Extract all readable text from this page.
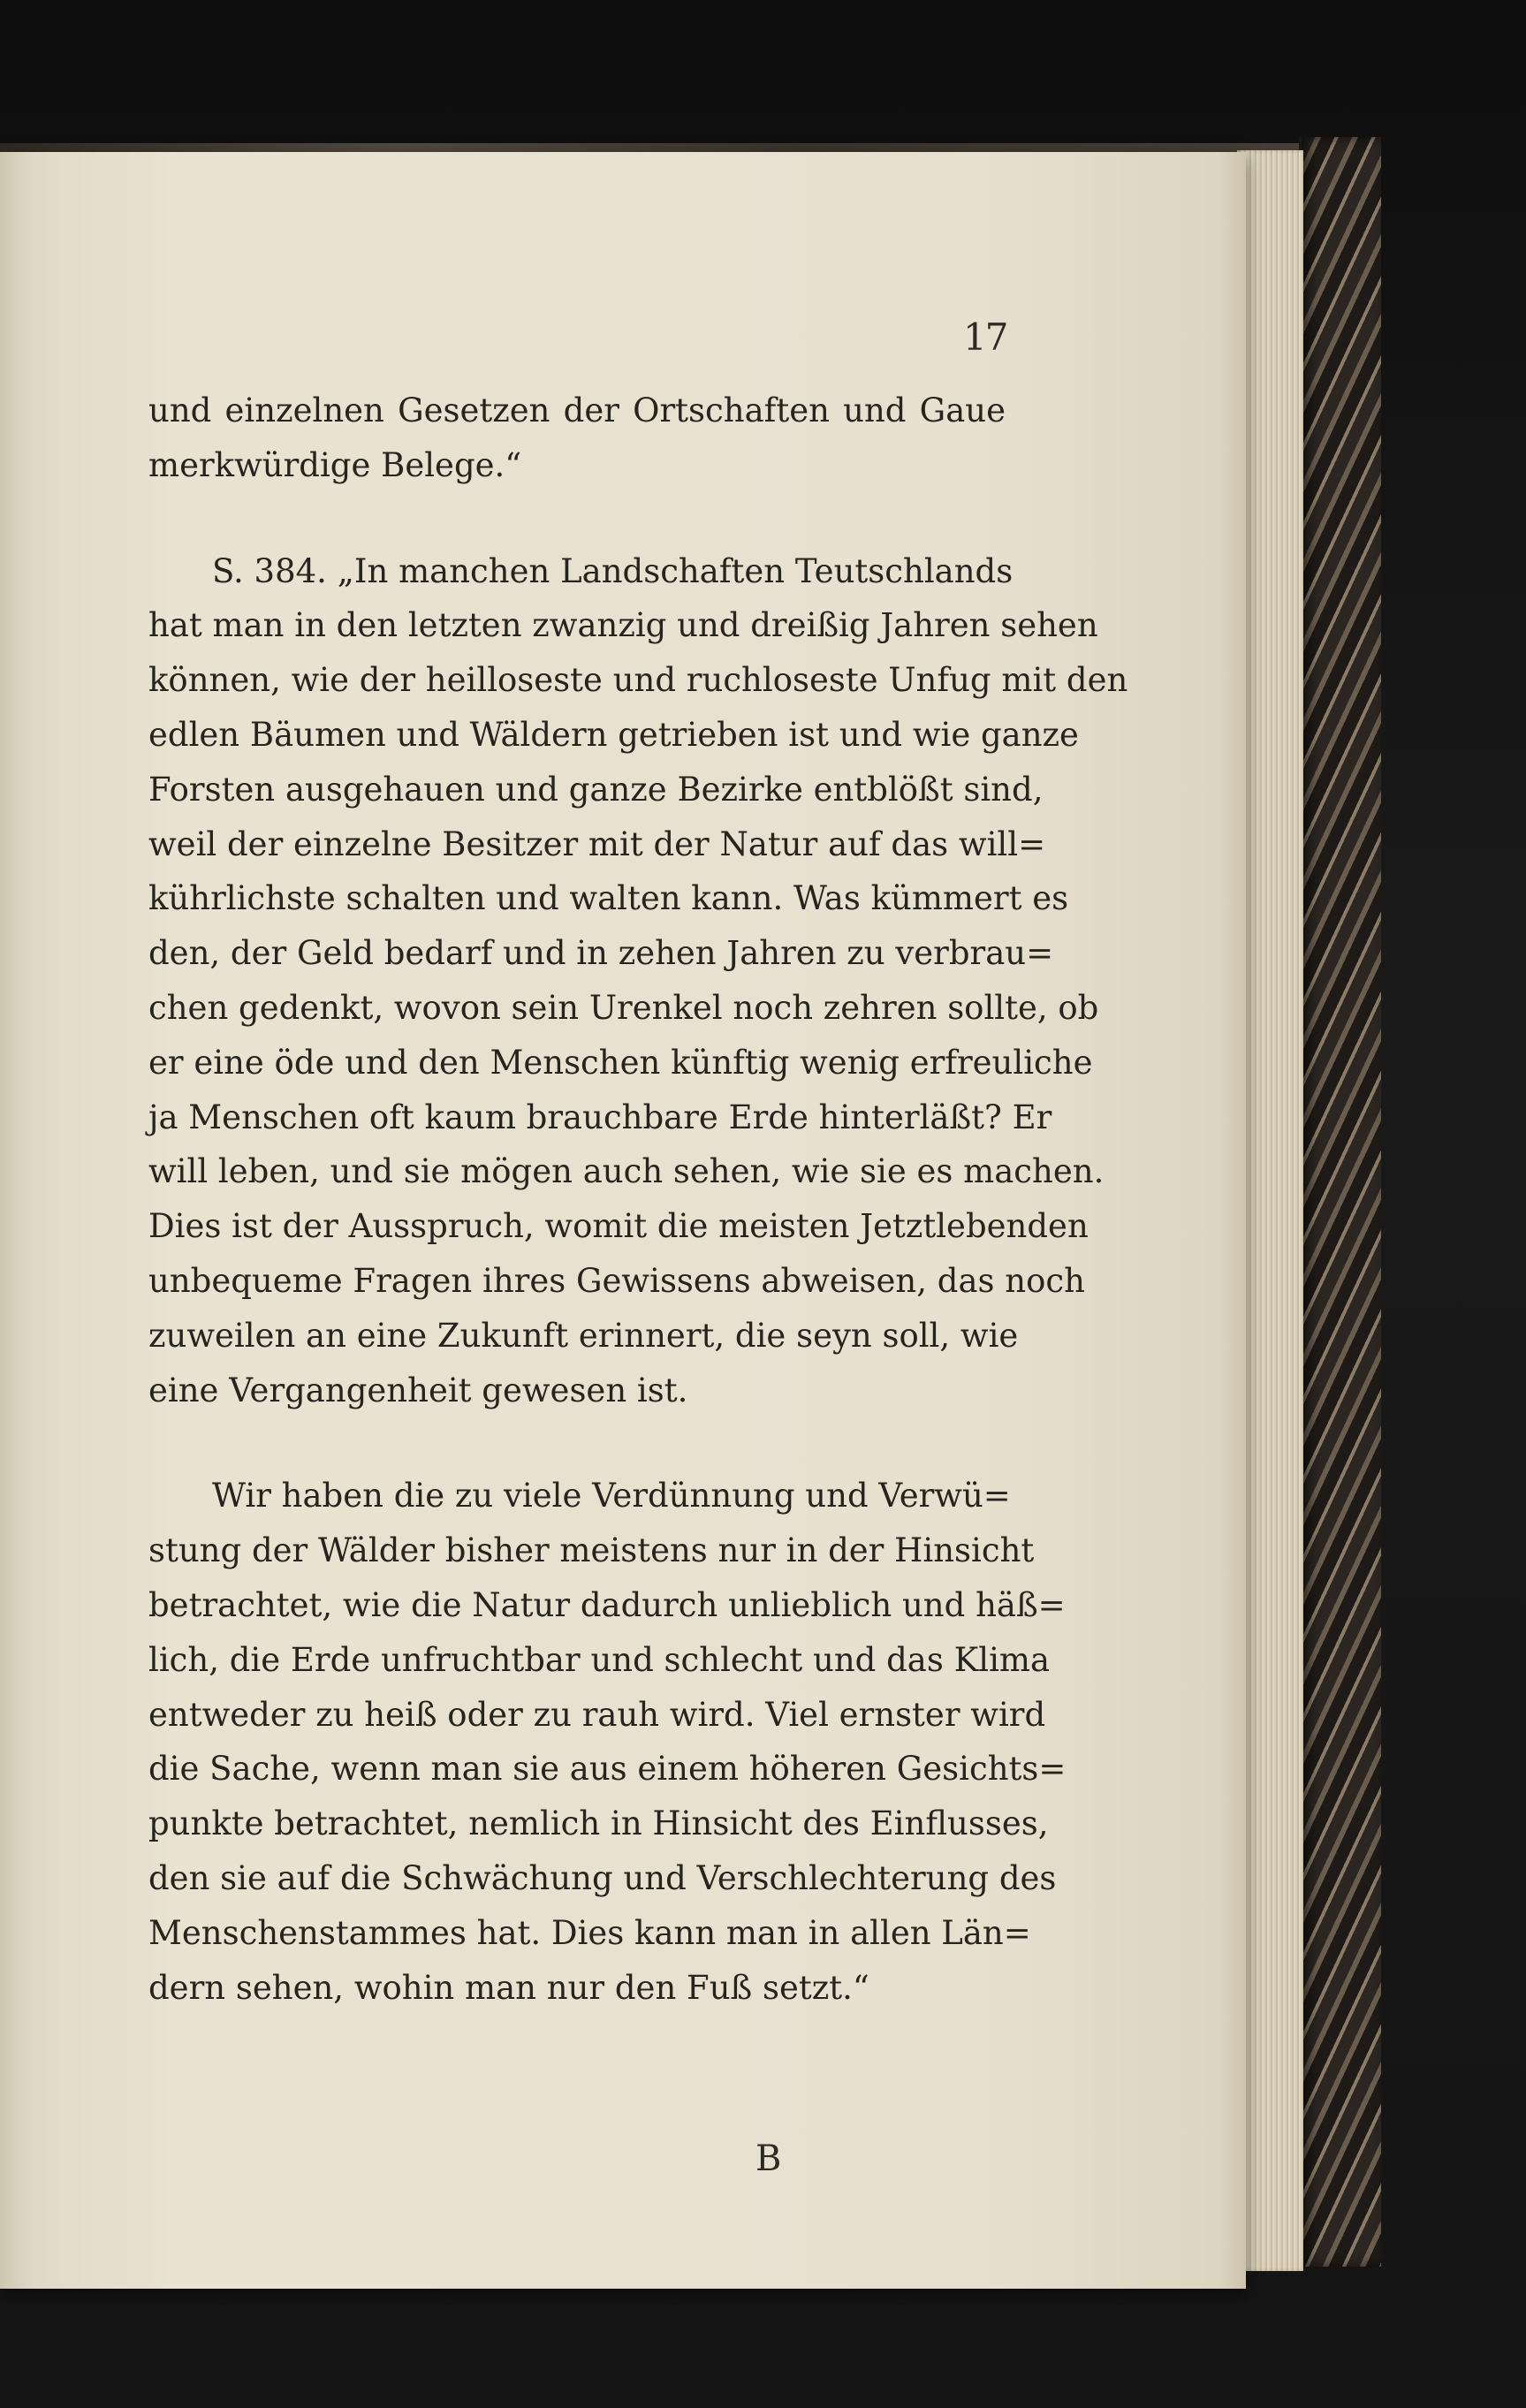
17

und einzelnen Gesetzen der Ortschaften und Gaue
merkwürdige Belege.“
S. 384. „In manchen Landschaften Teutschlands
hat man in den letzten zwanzig und dreißig Jahren sehen
können, wie der heilloseste und ruchloseste Unfug mit den
edlen Bäumen und Wäldern getrieben ist und wie ganze
Forsten ausgehauen und ganze Bezirke entblößt sind,
weil der einzelne Besitzer mit der Natur auf das will=
kührlichste schalten und walten kann. Was kümmert es
den, der Geld bedarf und in zehen Jahren zu verbrau=
chen gedenkt, wovon sein Urenkel noch zehren sollte, ob
er eine öde und den Menschen künftig wenig erfreuliche
ja Menschen oft kaum brauchbare Erde hinterläßt? Er
will leben, und sie mögen auch sehen, wie sie es machen.
Dies ist der Ausspruch, womit die meisten Jetztlebenden
unbequeme Fragen ihres Gewissens abweisen, das noch
zuweilen an eine Zukunft erinnert, die seyn soll, wie
eine Vergangenheit gewesen ist.
Wir haben die zu viele Verdünnung und Verwü=
stung der Wälder bisher meistens nur in der Hinsicht
betrachtet, wie die Natur dadurch unlieblich und häß=
lich, die Erde unfruchtbar und schlecht und das Klima
entweder zu heiß oder zu rauh wird. Viel ernster wird
die Sache, wenn man sie aus einem höheren Gesichts=
punkte betrachtet, nemlich in Hinsicht des Einflusses,
den sie auf die Schwächung und Verschlechterung des
Menschenstammes hat. Dies kann man in allen Län=
dern sehen, wohin man nur den Fuß setzt.“

B
